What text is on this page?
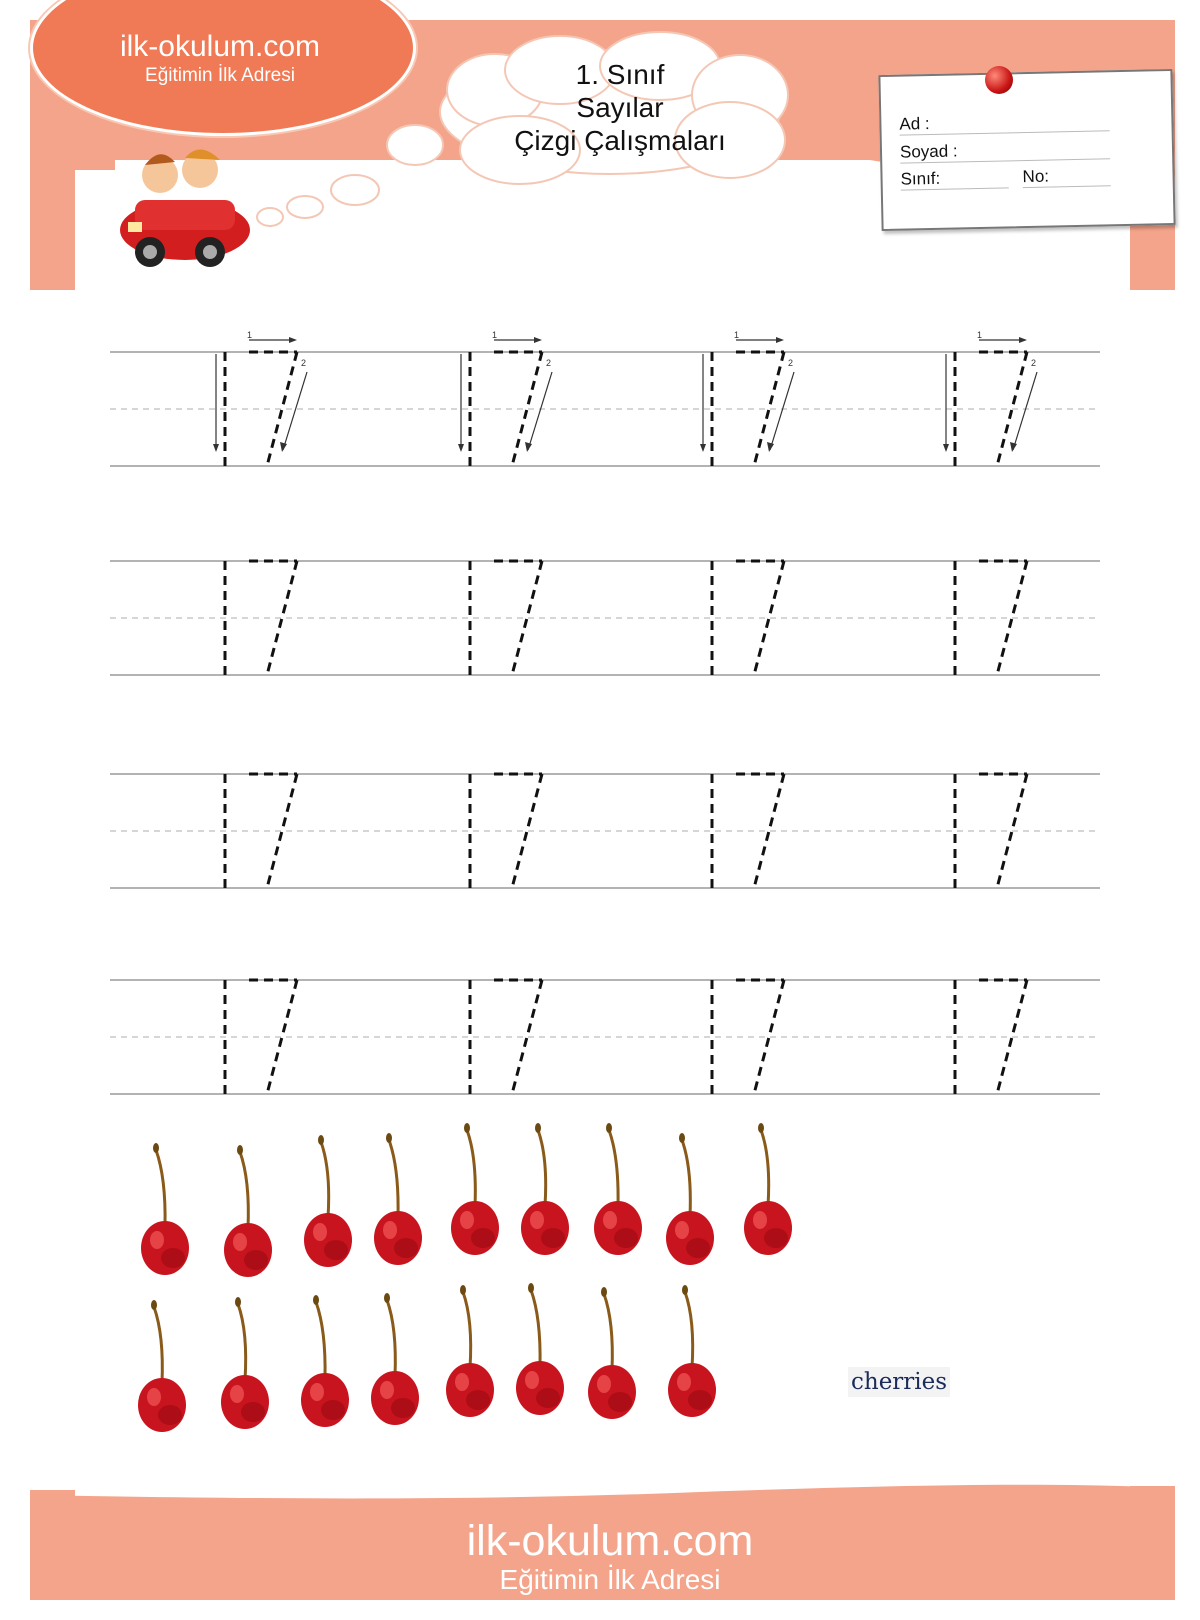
ilk-okulum.com
Eğitimin İlk Adresi	1. Sınıf
Sayılar
Çizgi Çalışmaları
Ad :
Soyad :
Sınıf:	No:
1
2
1
2
1
2
1
2
cherries
ilk-okulum.com
Eğitimin İlk Adresi
